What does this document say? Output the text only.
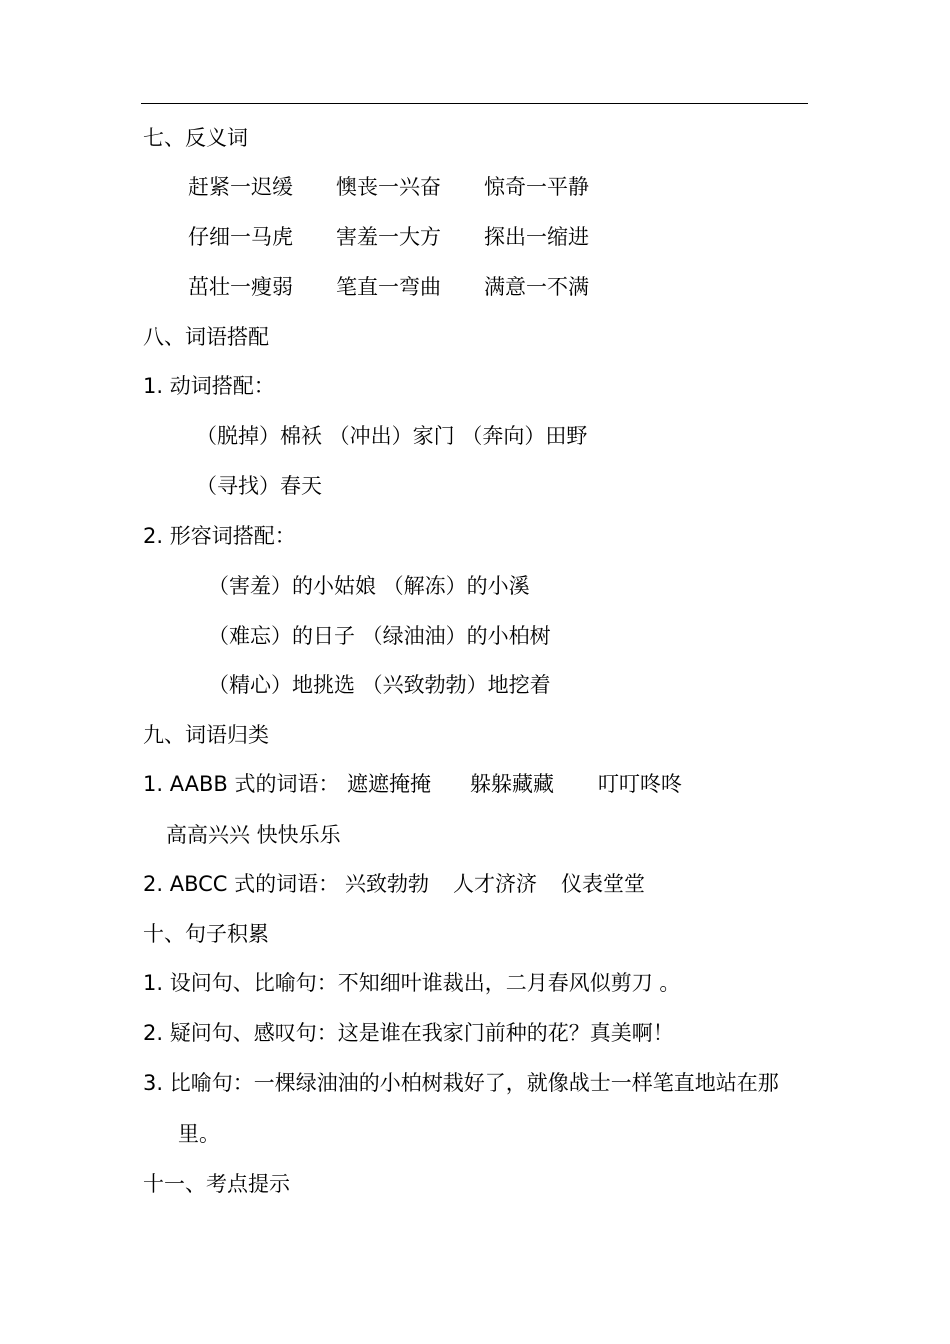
七、反义词
赶紧一迟缓 懊丧一兴奋 惊奇一平静
仔细一马虎 害羞一大方 探出一缩进
茁壮一瘦弱 笔直一弯曲 满意一不满
八、词语搭配
1. 动词搭配：
（脱掉）棉袄 （冲出）家门 （奔向）田野
（寻找）春天
2. 形容词搭配：
（害羞）的小姑娘 （解冻）的小溪
（难忘）的日子 （绿油油）的小柏树
（精心）地挑选 （兴致勃勃）地挖着
九、词语归类
1. AABB 式的词语： 遮遮掩掩 躲躲藏藏 叮叮咚咚
高高兴兴 快快乐乐
2. ABCC 式的词语： 兴致勃勃 人才济济 仪表堂堂
十、句子积累
1. 设问句、比喻句：不知细叶谁裁出，二月春风似剪刀 。
2. 疑问句、感叹句：这是谁在我家门前种的花？真美啊！
3. 比喻句：一棵绿油油的小柏树栽好了，就像战士一样笔直地站在那
里。
十一、考点提示
